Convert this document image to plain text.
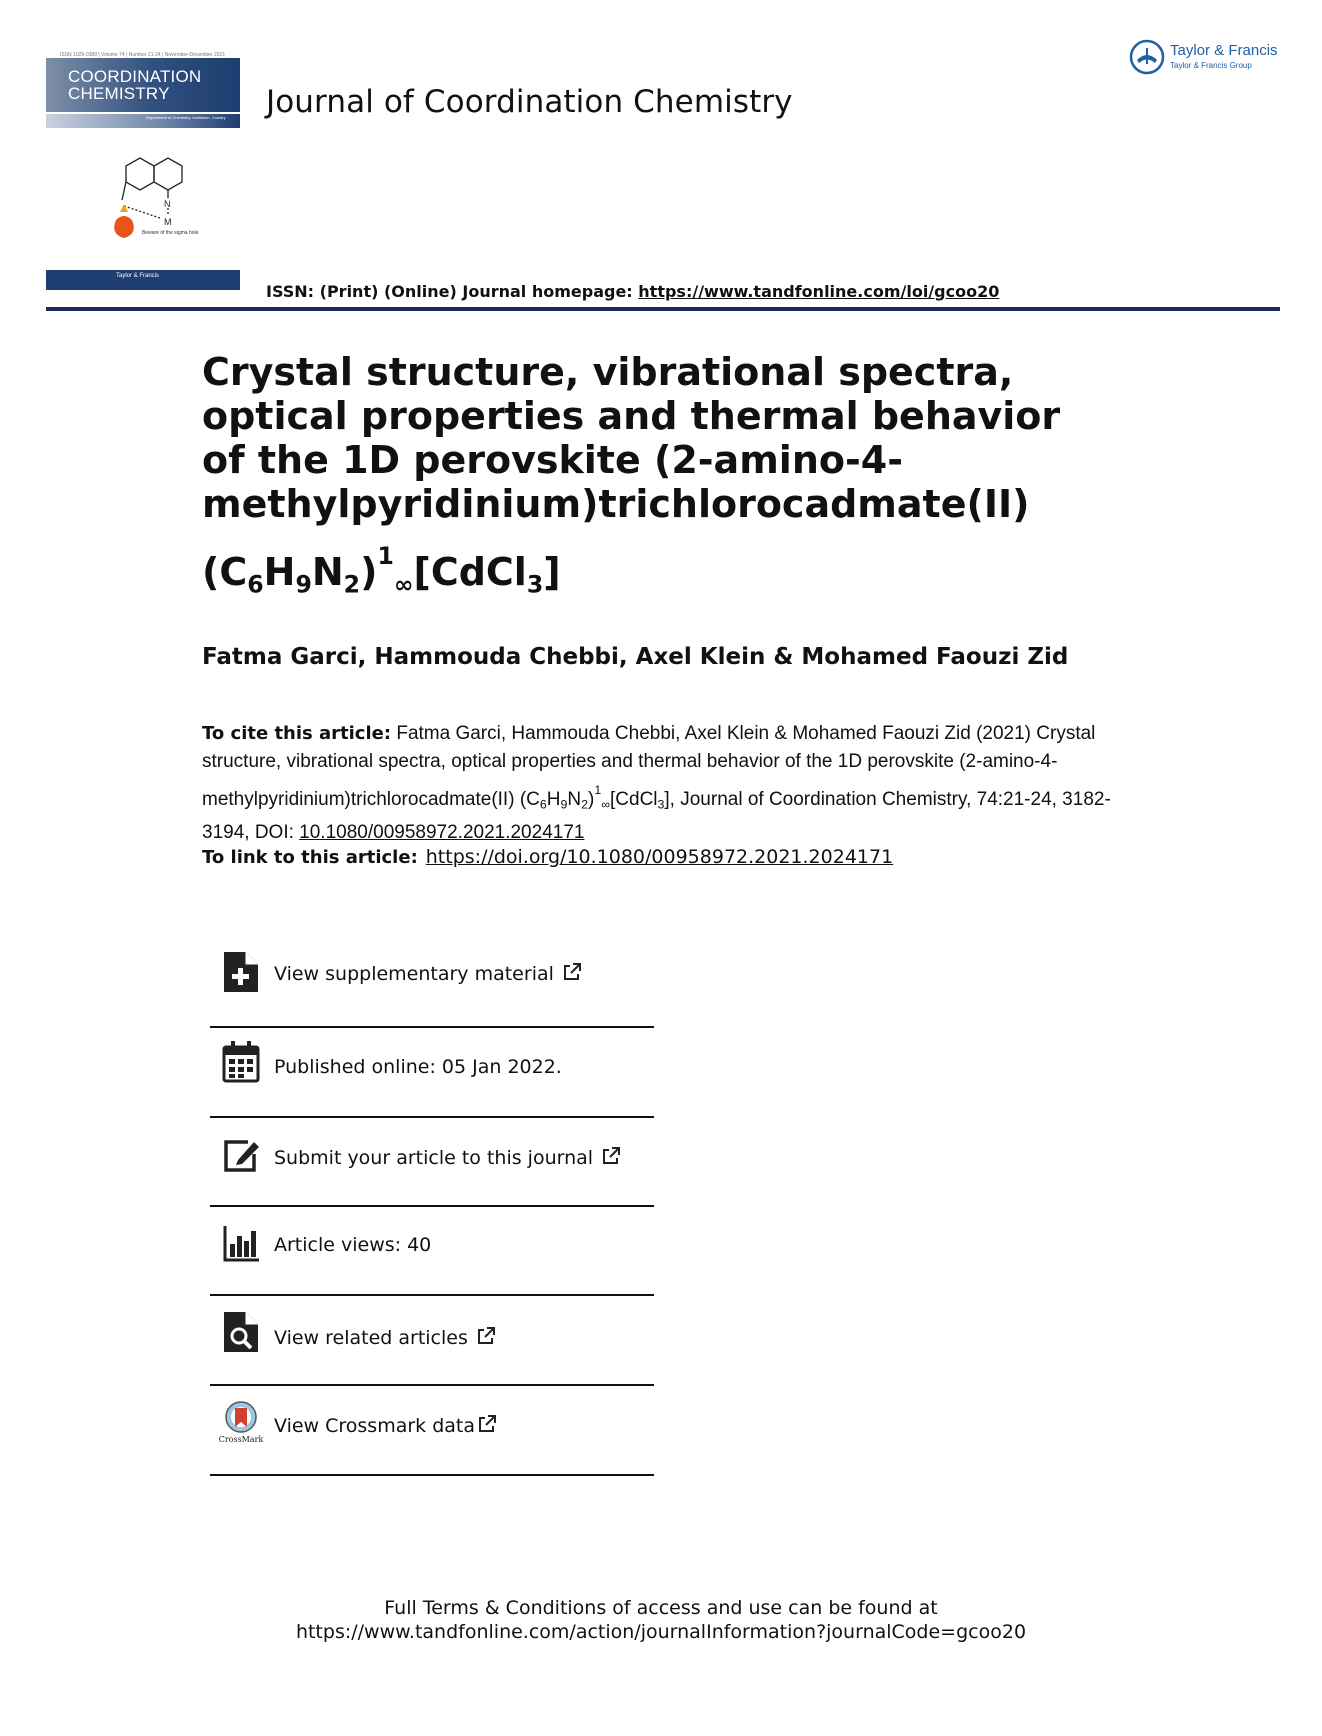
ISSN 1029-0389 | Volume 74 | Number 21-24 | November-December 2021
COORDINATION CHEMISTRY
Department of Chemistry, Institution, Country
N
M
Beware of the sigma hole
Taylor & Francis
Journal of Coordination Chemistry
Taylor & Francis
Taylor & Francis Group
ISSN: (Print) (Online) Journal homepage: https://www.tandfonline.com/loi/gcoo20
Crystal structure, vibrational spectra,
optical properties and thermal behavior
of the 1D perovskite (2-amino-4-
methylpyridinium)trichlorocadmate(II)
$(C_6H_9N_2)^1_\infty[CdCl_3]$
Fatma Garci, Hammouda Chebbi, Axel Klein & Mohamed Faouzi Zid
To cite this article: Fatma Garci, Hammouda Chebbi, Axel Klein & Mohamed Faouzi Zid (2021) Crystal structure, vibrational spectra, optical properties and thermal behavior of the 1D perovskite (2-amino-4-methylpyridinium)trichlorocadmate(II) $(C_6H_9N_2)^1_\infty[CdCl_3]$, Journal of Coordination Chemistry, 74:21-24, 3182-3194, DOI: 10.1080/00958972.2021.2024171
To link to this article: https://doi.org/10.1080/00958972.2021.2024171
View supplementary material
Published online: 05 Jan 2022.
Submit your article to this journal
Article views: 40
View related articles
CrossMark
View Crossmark data
Full Terms & Conditions of access and use can be found at
https://www.tandfonline.com/action/journalInformation?journalCode=gcoo20
